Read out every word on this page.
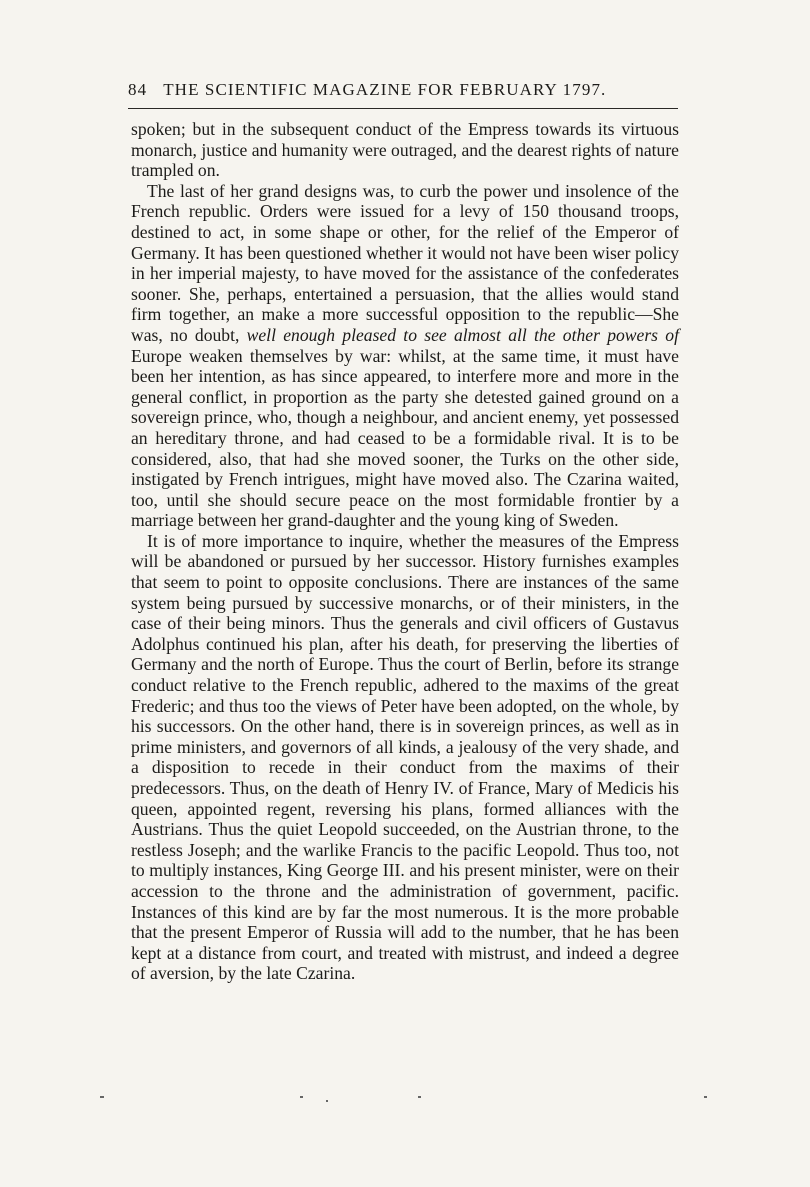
84 THE SCIENTIFIC MAGAZINE FOR FEBRUARY 1797.

spoken; but in the subsequent conduct of the Empress towards its virtuous monarch, justice and humanity were outraged, and the dearest rights of nature trampled on.

The last of her grand designs was, to curb the power und insolence of the French republic. Orders were issued for a levy of 150 thousand troops, destined to act, in some shape or other, for the relief of the Emperor of Germany. It has been questioned whether it would not have been wiser policy in her imperial majesty, to have moved for the assistance of the confederates sooner. She, perhaps, entertained a persuasion, that the allies would stand firm together, an make a more successful opposition to the republic—She was, no doubt, well enough pleased to see almost all the other powers of Europe weaken themselves by war: whilst, at the same time, it must have been her intention, as has since appeared, to interfere more and more in the general conflict, in proportion as the party she detested gained ground on a sovereign prince, who, though a neighbour, and ancient enemy, yet possessed an hereditary throne, and had ceased to be a formidable rival. It is to be considered, also, that had she moved sooner, the Turks on the other side, instigated by French intrigues, might have moved also. The Czarina waited, too, until she should secure peace on the most formidable frontier by a marriage between her grand-daughter and the young king of Sweden.

It is of more importance to inquire, whether the measures of the Empress will be abandoned or pursued by her successor. History furnishes examples that seem to point to opposite conclusions. There are instances of the same system being pursued by successive monarchs, or of their ministers, in the case of their being minors. Thus the generals and civil officers of Gustavus Adolphus continued his plan, after his death, for preserving the liberties of Germany and the north of Europe. Thus the court of Berlin, before its strange conduct relative to the French republic, adhered to the maxims of the great Frederic; and thus too the views of Peter have been adopted, on the whole, by his successors. On the other hand, there is in sovereign princes, as well as in prime ministers, and governors of all kinds, a jealousy of the very shade, and a disposition to recede in their conduct from the maxims of their predecessors. Thus, on the death of Henry IV. of France, Mary of Medicis his queen, appointed regent, reversing his plans, formed alliances with the Austrians. Thus the quiet Leopold succeeded, on the Austrian throne, to the restless Joseph; and the warlike Francis to the pacific Leopold. Thus too, not to multiply instances, King George III. and his present minister, were on their accession to the throne and the administration of government, pacific. Instances of this kind are by far the most numerous. It is the more probable that the present Emperor of Russia will add to the number, that he has been kept at a distance from court, and treated with mistrust, and indeed a degree of aversion, by the late Czarina.
